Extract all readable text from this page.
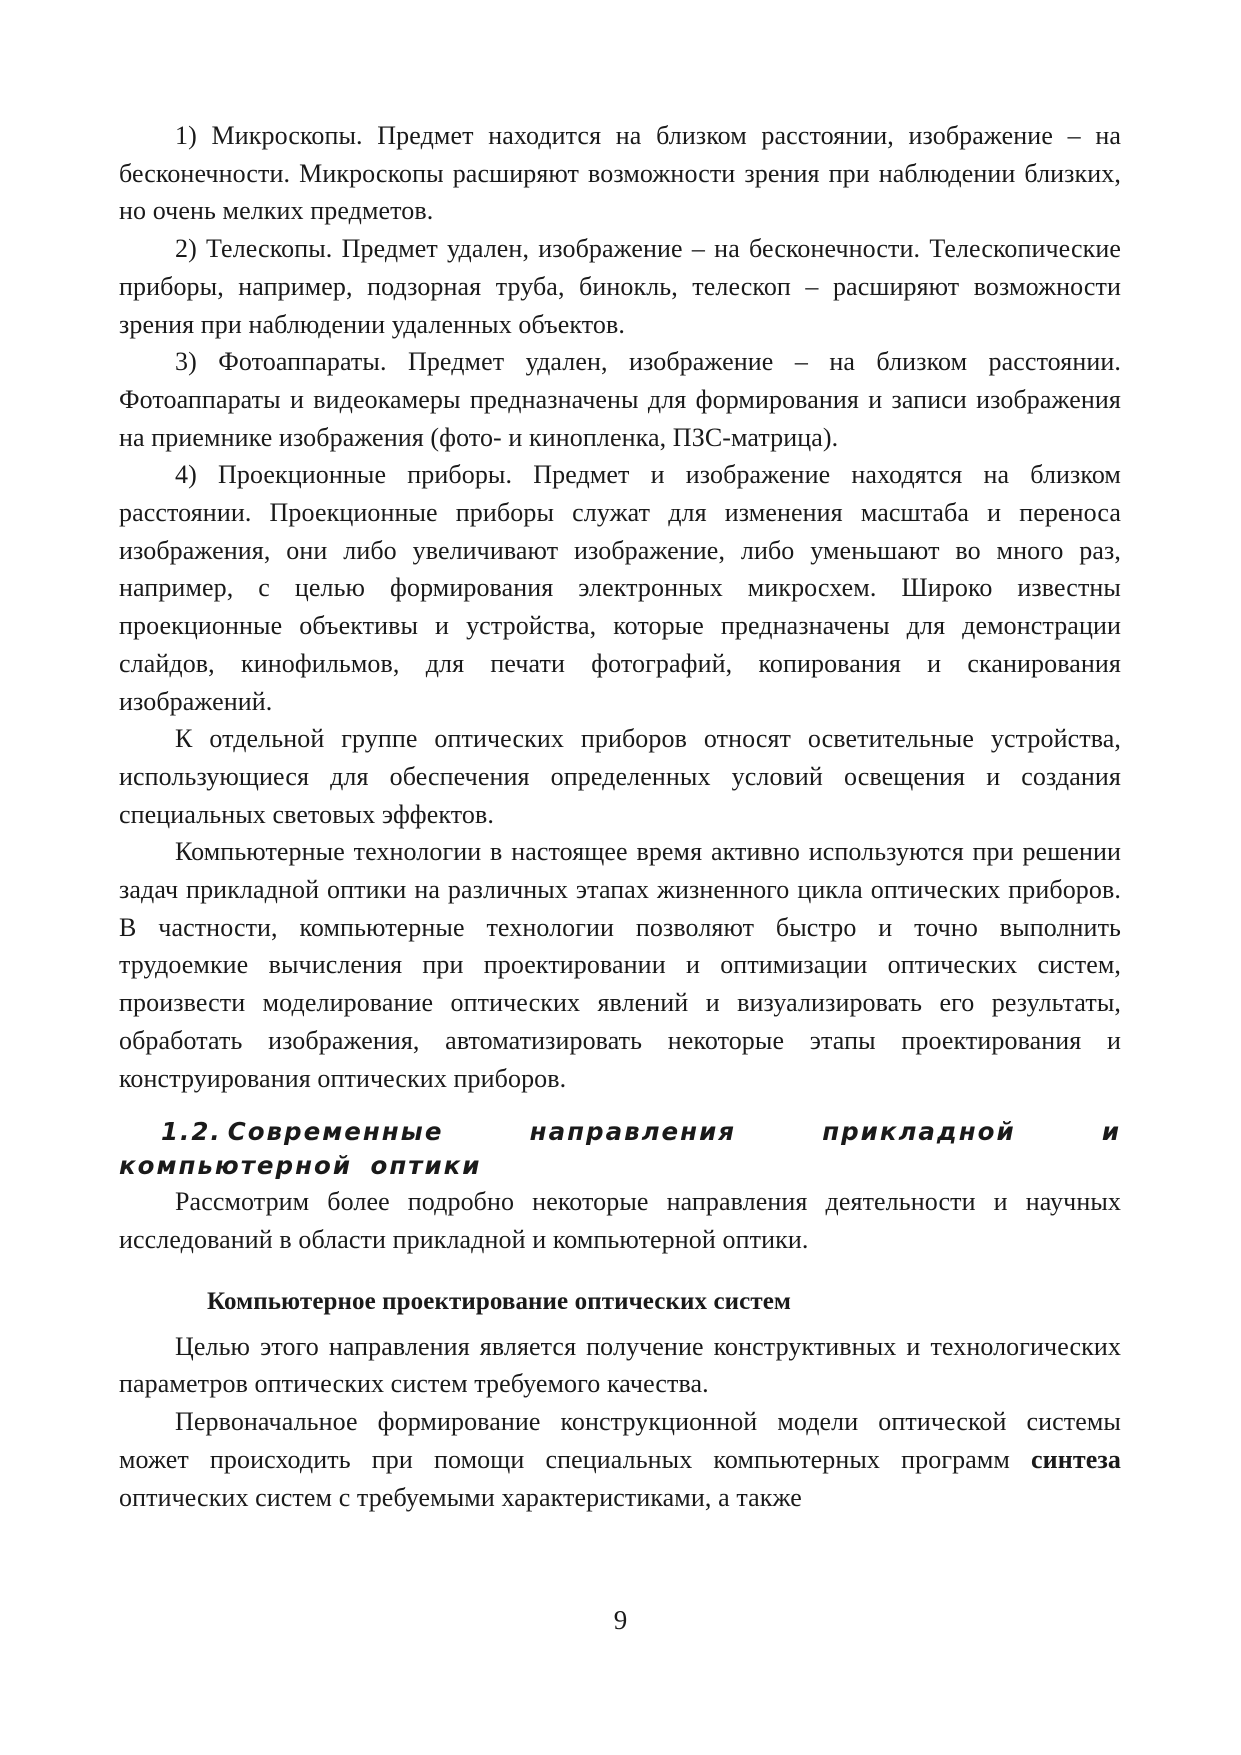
1) Микроскопы. Предмет находится на близком расстоянии, изображение – на бесконечности. Микроскопы расширяют возможности зрения при наблюдении близких, но очень мелких предметов.

2) Телескопы. Предмет удален, изображение – на бесконечности. Телескопические приборы, например, подзорная труба, бинокль, телескоп – расширяют возможности зрения при наблюдении удаленных объектов.

3) Фотоаппараты. Предмет удален, изображение – на близком расстоянии. Фотоаппараты и видеокамеры предназначены для формирования и записи изображения на приемнике изображения (фото- и кинопленка, ПЗС-матрица).

4) Проекционные приборы. Предмет и изображение находятся на близком расстоянии. Проекционные приборы служат для изменения масштаба и переноса изображения, они либо увеличивают изображение, либо уменьшают во много раз, например, с целью формирования электронных микросхем. Широко известны проекционные объективы и устройства, которые предназначены для демонстрации слайдов, кинофильмов, для печати фотографий, копирования и сканирования изображений.

К отдельной группе оптических приборов относят осветительные устройства, использующиеся для обеспечения определенных условий освещения и создания специальных световых эффектов.

Компьютерные технологии в настоящее время активно используются при решении задач прикладной оптики на различных этапах жизненного цикла оптических приборов. В частности, компьютерные технологии позволяют быстро и точно выполнить трудоемкие вычисления при проектировании и оптимизации оптических систем, произвести моделирование оптических явлений и визуализировать его результаты, обработать изображения, автоматизировать некоторые этапы проектирования и конструирования оптических приборов.

1.2. Современные направления прикладной и компьютерной оптики

Рассмотрим более подробно некоторые направления деятельности и научных исследований в области прикладной и компьютерной оптики.

Компьютерное проектирование оптических систем

Целью этого направления является получение конструктивных и технологических параметров оптических систем требуемого качества.

Первоначальное формирование конструкционной модели оптической системы может происходить при помощи специальных компьютерных программ синтеза оптических систем с требуемыми характеристиками, а также

9
